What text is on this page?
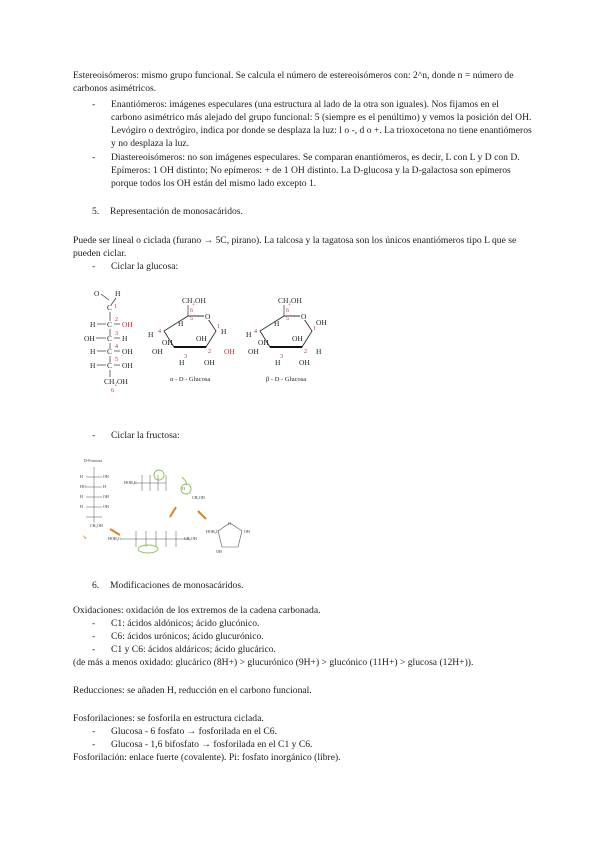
Estereoisómeros: mismo grupo funcional. Se calcula el número de estereoisómeros con: 2^n, donde n = número de carbonos asimétricos.
-	Enantiómeros: imágenes especulares (una estructura al lado de la otra son iguales). Nos fijamos en el carbono asimétrico más alejado del grupo funcional: 5 (siempre es el penúltimo) y vemos la posición del OH. Levógiro o dextrógiro, indica por donde se desplaza la luz: l o -, d o +. La trioxocetona no tiene enantiómeros y no desplaza la luz.
-	Diastereoisómeros: no son imágenes especulares. Se comparan enantiómeros, es decir, L con L y D con D. Epímeros: 1 OH distinto; No epímeros: + de 1 OH distinto. La D-glucosa y la D-galactosa son epímeros porque todos los OH están del mismo lado excepto 1.
5. Representación de monosacáridos.
Puede ser lineal o ciclada (furano → 5C, pirano). La talcosa y la tagatosa son los únicos enantiómeros tipo L que se pueden ciclar.
-	Ciclar la glucosa:
O H
C
H C OH
OH C H
H C OH
H C OH
CH₂OH
1
2
3
4
5
6
CH₂OH
O
H
H
OH
OH
H
OH
H	OH
OH
6
5
4
3
2
1
α - D - Glucosa
CH₂OH
O
H
H
OH
OH
OH
OH
H OH
H
6
5
4
3
2
1
β - D - Glucosa
-	Ciclar la fructosa:
D-Fructosa
H	OH
HO	H
H	OH
H	OH
CH₂OH
HOH₂C
O
CH₂OH
HOH₂C	CH₂OH
O
HOH₂C	OH
OH
➘
6. Modificaciones de monosacáridos.
Oxidaciones: oxidación de los extremos de la cadena carbonada.
-	C1: ácidos aldónicos; ácido glucónico.
-	C6: ácidos urónicos; ácido glucurónico.
-	C1 y C6: ácidos aldáricos; ácido glucárico.
(de más a menos oxidado: glucárico (8H+) > glucurónico (9H+) > glucónico (11H+) > glucosa (12H+)).
Reducciones: se añaden H, reducción en el carbono funcional.
Fosforilaciones: se fosforila en estructura ciclada.
-	Glucosa - 6 fosfato → fosforilada en el C6.
-	Glucosa - 1,6 bifosfato → fosforilada en el C1 y C6.
Fosforilación: enlace fuerte (covalente). Pi: fosfato inorgánico (libre).
